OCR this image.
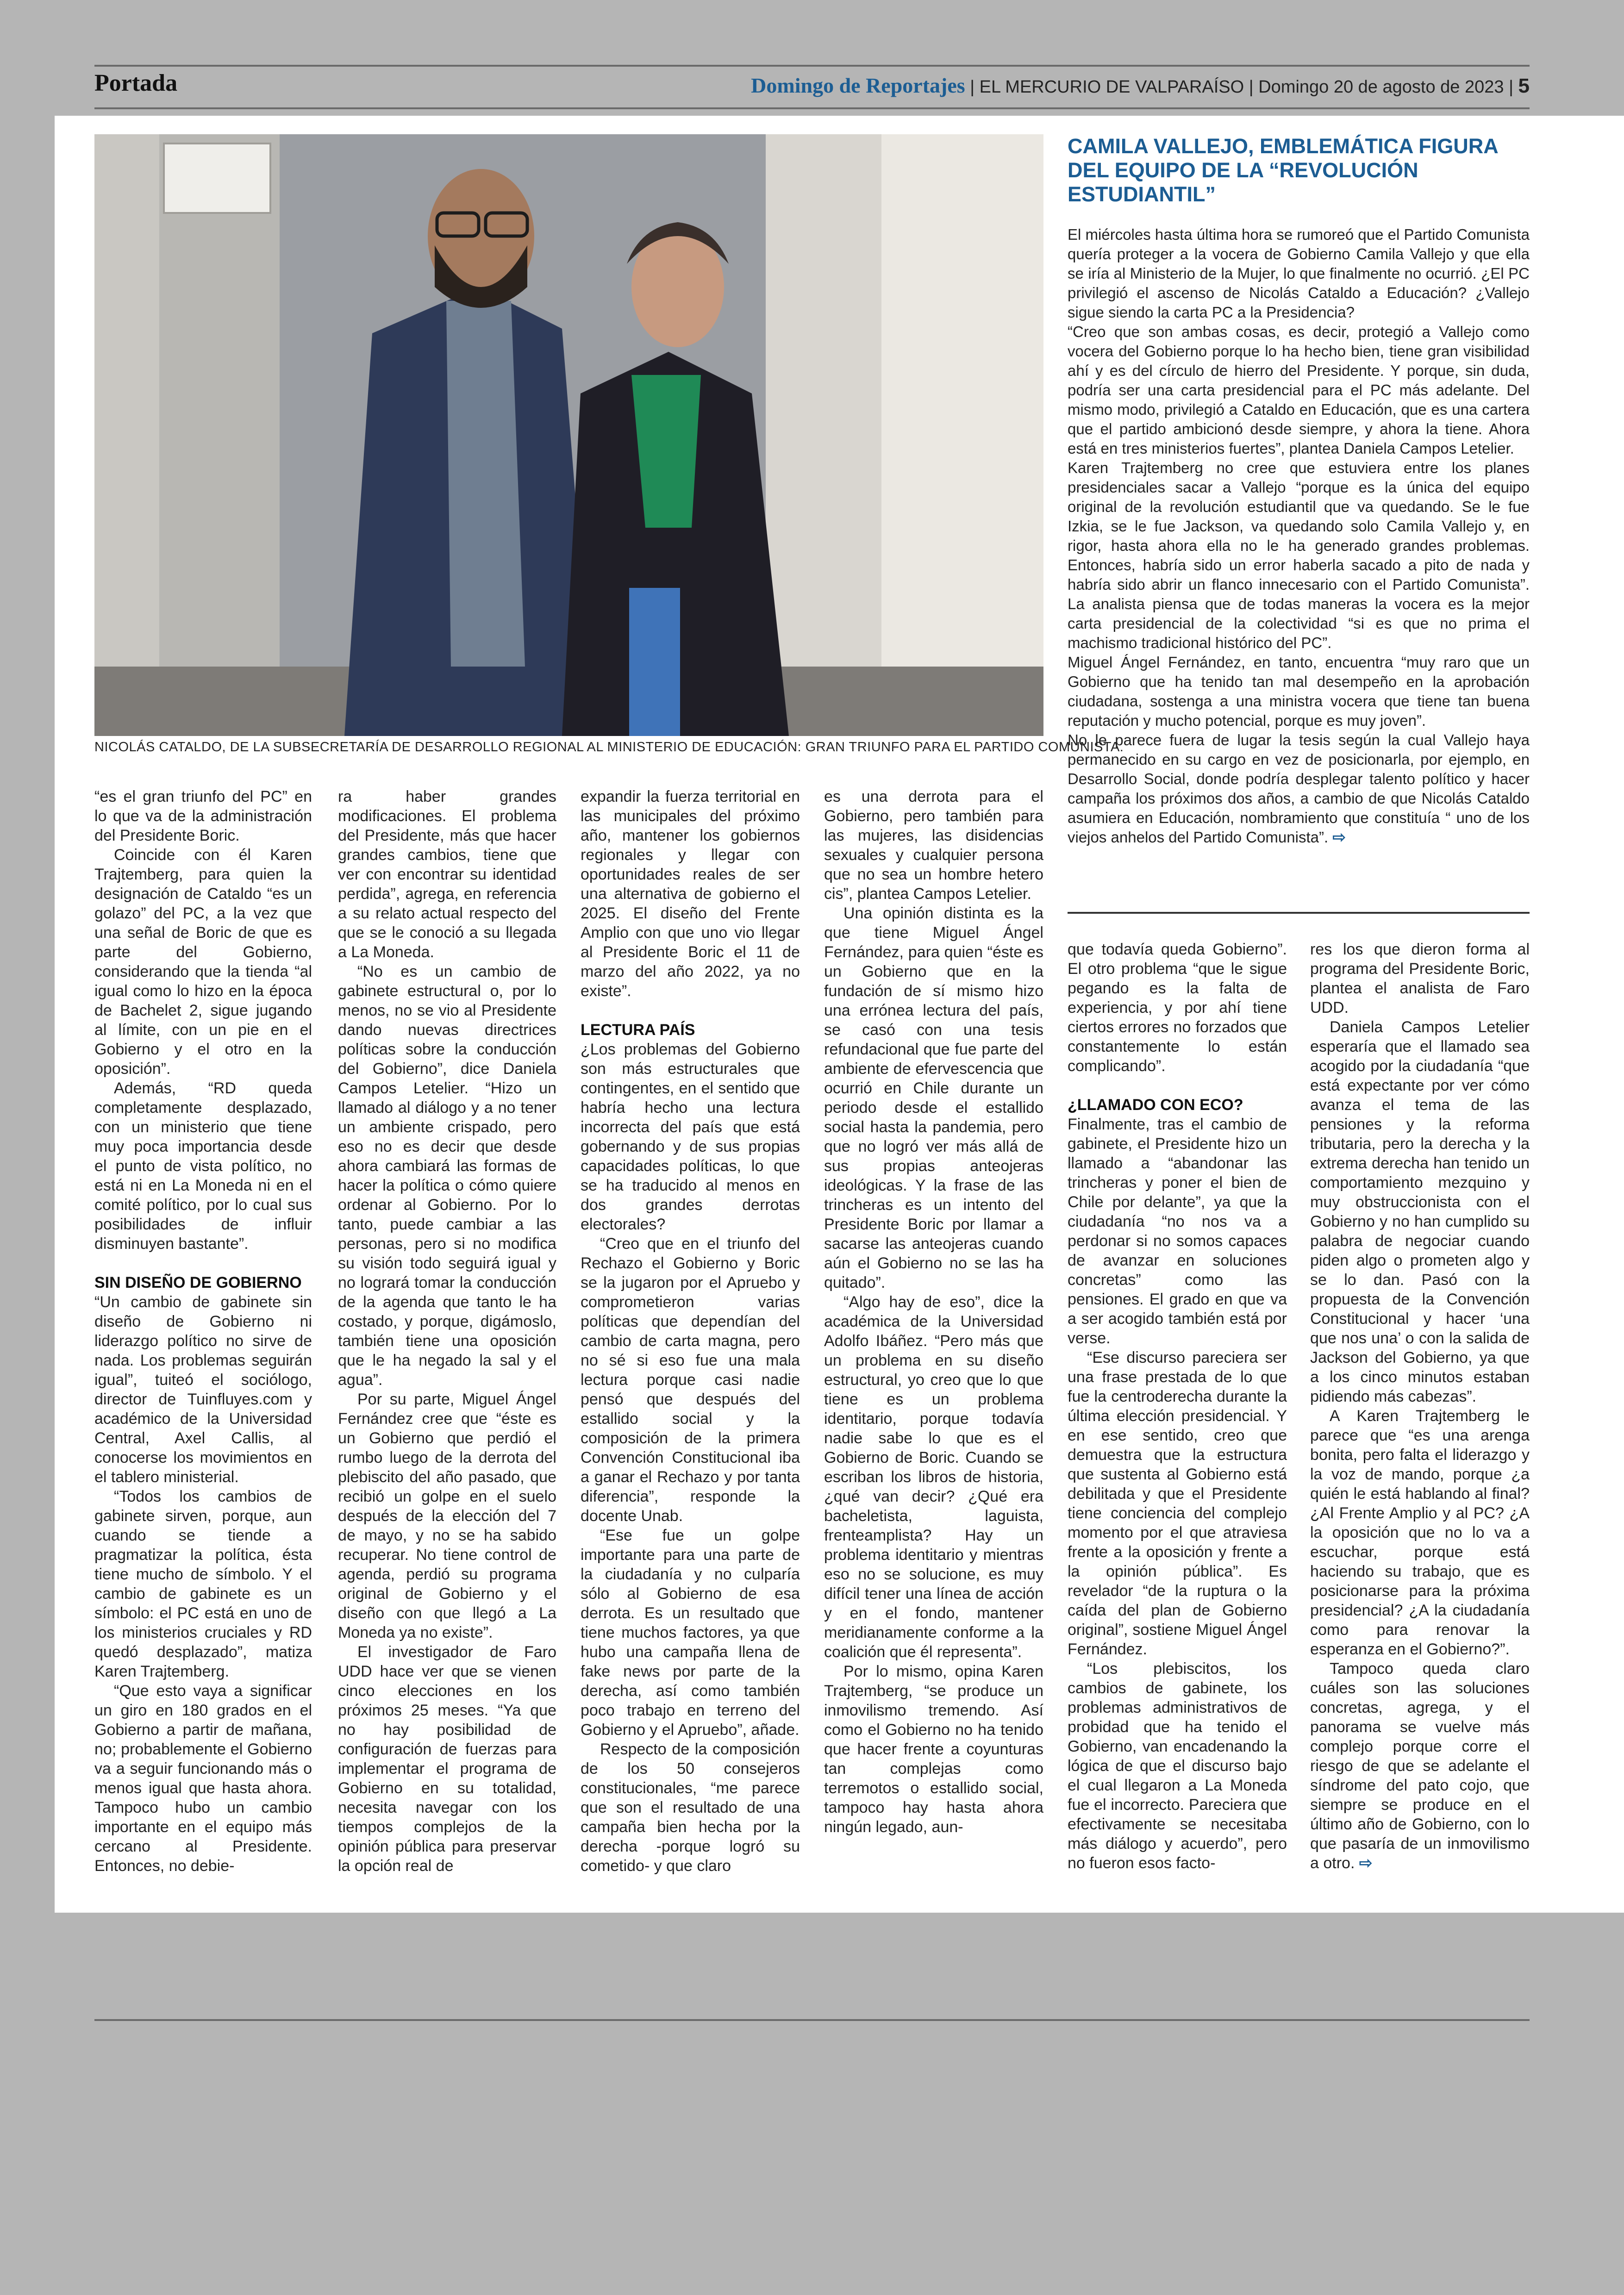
Portada	Domingo de Reportajes | EL MERCURIO DE VALPARAÍSO | Domingo 20 de agosto de 2023 | 5
NICOLÁS CATALDO, DE LA SUBSECRETARÍA DE DESARROLLO REGIONAL AL MINISTERIO DE EDUCACIÓN: GRAN TRIUNFO PARA EL PARTIDO COMUNISTA.
CAMILA VALLEJO, EMBLEMÁTICA FIGURA DEL EQUIPO DE LA “REVOLUCIÓN ESTUDIANTIL”

El miércoles hasta última hora se rumoreó que el Partido Comunista quería proteger a la vocera de Gobierno Camila Vallejo y que ella se iría al Ministerio de la Mujer, lo que finalmente no ocurrió. ¿El PC privilegió el ascenso de Nicolás Cataldo a Educación? ¿Vallejo sigue siendo la carta PC a la Presidencia?

“Creo que son ambas cosas, es decir, protegió a Vallejo como vocera del Gobierno porque lo ha hecho bien, tiene gran visibilidad ahí y es del círculo de hierro del Presidente. Y porque, sin duda, podría ser una carta presidencial para el PC más adelante. Del mismo modo, privilegió a Cataldo en Educación, que es una cartera que el partido ambicionó desde siempre, y ahora la tiene. Ahora está en tres ministerios fuertes”, plantea Daniela Campos Letelier.

Karen Trajtemberg no cree que estuviera entre los planes presidenciales sacar a Vallejo “porque es la única del equipo original de la revolución estudiantil que va quedando. Se le fue Izkia, se le fue Jackson, va quedando solo Camila Vallejo y, en rigor, hasta ahora ella no le ha generado grandes problemas. Entonces, habría sido un error haberla sacado a pito de nada y habría sido abrir un flanco innecesario con el Partido Comunista”. La analista piensa que de todas maneras la vocera es la mejor carta presidencial de la colectividad “si es que no prima el machismo tradicional histórico del PC”.

Miguel Ángel Fernández, en tanto, encuentra “muy raro que un Gobierno que ha tenido tan mal desempeño en la aprobación ciudadana, sostenga a una ministra vocera que tiene tan buena reputación y mucho potencial, porque es muy joven”.

No le parece fuera de lugar la tesis según la cual Vallejo haya permanecido en su cargo en vez de posicionarla, por ejemplo, en Desarrollo Social, donde podría desplegar talento político y hacer campaña los próximos dos años, a cambio de que Nicolás Cataldo asumiera en Educación, nombramiento que constituía “ uno de los viejos anhelos del Partido Comunista”. ⇨

“es el gran triunfo del PC” en lo que va de la administración del Presidente Boric.

Coincide con él Karen Trajtemberg, para quien la designación de Cataldo “es un golazo” del PC, a la vez que una señal de Boric de que es parte del Gobierno, considerando que la tienda “al igual como lo hizo en la época de Bachelet 2, sigue jugando al límite, con un pie en el Gobierno y el otro en la oposición”.

Además, “RD queda completamente desplazado, con un ministerio que tiene muy poca importancia desde el punto de vista político, no está ni en La Moneda ni en el comité político, por lo cual sus posibilidades de influir disminuyen bastante”.

SIN DISEÑO DE GOBIERNO

“Un cambio de gabinete sin diseño de Gobierno ni liderazgo político no sirve de nada. Los problemas seguirán igual”, tuiteó el sociólogo, director de Tuinfluyes.com y académico de la Universidad Central, Axel Callis, al conocerse los movimientos en el tablero ministerial.

“Todos los cambios de gabinete sirven, porque, aun cuando se tiende a pragmatizar la política, ésta tiene mucho de símbolo. Y el cambio de gabinete es un símbolo: el PC está en uno de los ministerios cruciales y RD quedó desplazado”, matiza Karen Trajtemberg.

“Que esto vaya a significar un giro en 180 grados en el Gobierno a partir de mañana, no; probablemente el Gobierno va a seguir funcionando más o menos igual que hasta ahora. Tampoco hubo un cambio importante en el equipo más cercano al Presidente. Entonces, no debie-

ra haber grandes modificaciones. El problema del Presidente, más que hacer grandes cambios, tiene que ver con encontrar su identidad perdida”, agrega, en referencia a su relato actual respecto del que se le conoció a su llegada a La Moneda.

“No es un cambio de gabinete estructural o, por lo menos, no se vio al Presidente dando nuevas directrices políticas sobre la conducción del Gobierno”, dice Daniela Campos Letelier. “Hizo un llamado al diálogo y a no tener un ambiente crispado, pero eso no es decir que desde ahora cambiará las formas de hacer la política o cómo quiere ordenar al Gobierno. Por lo tanto, puede cambiar a las personas, pero si no modifica su visión todo seguirá igual y no logrará tomar la conducción de la agenda que tanto le ha costado, y porque, digámoslo, también tiene una oposición que le ha negado la sal y el agua”.

Por su parte, Miguel Ángel Fernández cree que “éste es un Gobierno que perdió el rumbo luego de la derrota del plebiscito del año pasado, que recibió un golpe en el suelo después de la elección del 7 de mayo, y no se ha sabido recuperar. No tiene control de agenda, perdió su programa original de Gobierno y el diseño con que llegó a La Moneda ya no existe”.

El investigador de Faro UDD hace ver que se vienen cinco elecciones en los próximos 25 meses. “Ya que no hay posibilidad de configuración de fuerzas para implementar el programa de Gobierno en su totalidad, necesita navegar con los tiempos complejos de la opinión pública para preservar la opción real de

expandir la fuerza territorial en las municipales del próximo año, mantener los gobiernos regionales y llegar con oportunidades reales de ser una alternativa de gobierno el 2025. El diseño del Frente Amplio con que uno vio llegar al Presidente Boric el 11 de marzo del año 2022, ya no existe”.

LECTURA PAÍS

¿Los problemas del Gobierno son más estructurales que contingentes, en el sentido que habría hecho una lectura incorrecta del país que está gobernando y de sus propias capacidades políticas, lo que se ha traducido al menos en dos grandes derrotas electorales?

“Creo que en el triunfo del Rechazo el Gobierno y Boric se la jugaron por el Apruebo y comprometieron varias políticas que dependían del cambio de carta magna, pero no sé si eso fue una mala lectura porque casi nadie pensó que después del estallido social y la composición de la primera Convención Constitucional iba a ganar el Rechazo y por tanta diferencia”, responde la docente Unab.

“Ese fue un golpe importante para una parte de la ciudadanía y no culparía sólo al Gobierno de esa derrota. Es un resultado que tiene muchos factores, ya que hubo una campaña llena de fake news por parte de la derecha, así como también poco trabajo en terreno del Gobierno y el Apruebo”, añade.

Respecto de la composición de los 50 consejeros constitucionales, “me parece que son el resultado de una campaña bien hecha por la derecha -porque logró su cometido- y que claro

es una derrota para el Gobierno, pero también para las mujeres, las disidencias sexuales y cualquier persona que no sea un hombre hetero cis”, plantea Campos Letelier.

Una opinión distinta es la que tiene Miguel Ángel Fernández, para quien “éste es un Gobierno que en la fundación de sí mismo hizo una errónea lectura del país, se casó con una tesis refundacional que fue parte del ambiente de efervescencia que ocurrió en Chile durante un periodo desde el estallido social hasta la pandemia, pero que no logró ver más allá de sus propias anteojeras ideológicas. Y la frase de las trincheras es un intento del Presidente Boric por llamar a sacarse las anteojeras cuando aún el Gobierno no se las ha quitado”.

“Algo hay de eso”, dice la académica de la Universidad Adolfo Ibáñez. “Pero más que un problema en su diseño estructural, yo creo que lo que tiene es un problema identitario, porque todavía nadie sabe lo que es el Gobierno de Boric. Cuando se escriban los libros de historia, ¿qué van decir? ¿Qué era bacheletista, laguista, frenteamplista? Hay un problema identitario y mientras eso no se solucione, es muy difícil tener una línea de acción y en el fondo, mantener meridianamente conforme a la coalición que él representa”.

Por lo mismo, opina Karen Trajtemberg, “se produce un inmovilismo tremendo. Así como el Gobierno no ha tenido que hacer frente a coyunturas tan complejas como terremotos o estallido social, tampoco hay hasta ahora ningún legado, aun-

que todavía queda Gobierno”. El otro problema “que le sigue pegando es la falta de experiencia, y por ahí tiene ciertos errores no forzados que constantemente lo están complicando”.

¿LLAMADO CON ECO?

Finalmente, tras el cambio de gabinete, el Presidente hizo un llamado a “abandonar las trincheras y poner el bien de Chile por delante”, ya que la ciudadanía “no nos va a perdonar si no somos capaces de avanzar en soluciones concretas” como las pensiones. El grado en que va a ser acogido también está por verse.

“Ese discurso pareciera ser una frase prestada de lo que fue la centroderecha durante la última elección presidencial. Y en ese sentido, creo que demuestra que la estructura que sustenta al Gobierno está debilitada y que el Presidente tiene conciencia del complejo momento por el que atraviesa frente a la oposición y frente a la opinión pública”. Es revelador “de la ruptura o la caída del plan de Gobierno original”, sostiene Miguel Ángel Fernández.

“Los plebiscitos, los cambios de gabinete, los problemas administrativos de probidad que ha tenido el Gobierno, van encadenando la lógica de que el discurso bajo el cual llegaron a La Moneda fue el incorrecto. Pareciera que efectivamente se necesitaba más diálogo y acuerdo”, pero no fueron esos facto-

res los que dieron forma al programa del Presidente Boric, plantea el analista de Faro UDD.

Daniela Campos Letelier esperaría que el llamado sea acogido por la ciudadanía “que está expectante por ver cómo avanza el tema de las pensiones y la reforma tributaria, pero la derecha y la extrema derecha han tenido un comportamiento mezquino y muy obstruccionista con el Gobierno y no han cumplido su palabra de negociar cuando piden algo o prometen algo y se lo dan. Pasó con la propuesta de la Convención Constitucional y hacer ‘una que nos una’ o con la salida de Jackson del Gobierno, ya que a los cinco minutos estaban pidiendo más cabezas”.

A Karen Trajtemberg le parece que “es una arenga bonita, pero falta el liderazgo y la voz de mando, porque ¿a quién le está hablando al final? ¿Al Frente Amplio y al PC? ¿A la oposición que no lo va a escuchar, porque está haciendo su trabajo, que es posicionarse para la próxima presidencial? ¿A la ciudadanía como para renovar la esperanza en el Gobierno?”.

Tampoco queda claro cuáles son las soluciones concretas, agrega, y el panorama se vuelve más complejo porque corre el riesgo de que se adelante el síndrome del pato cojo, que siempre se produce en el último año de Gobierno, con lo que pasaría de un inmovilismo a otro. ⇨
